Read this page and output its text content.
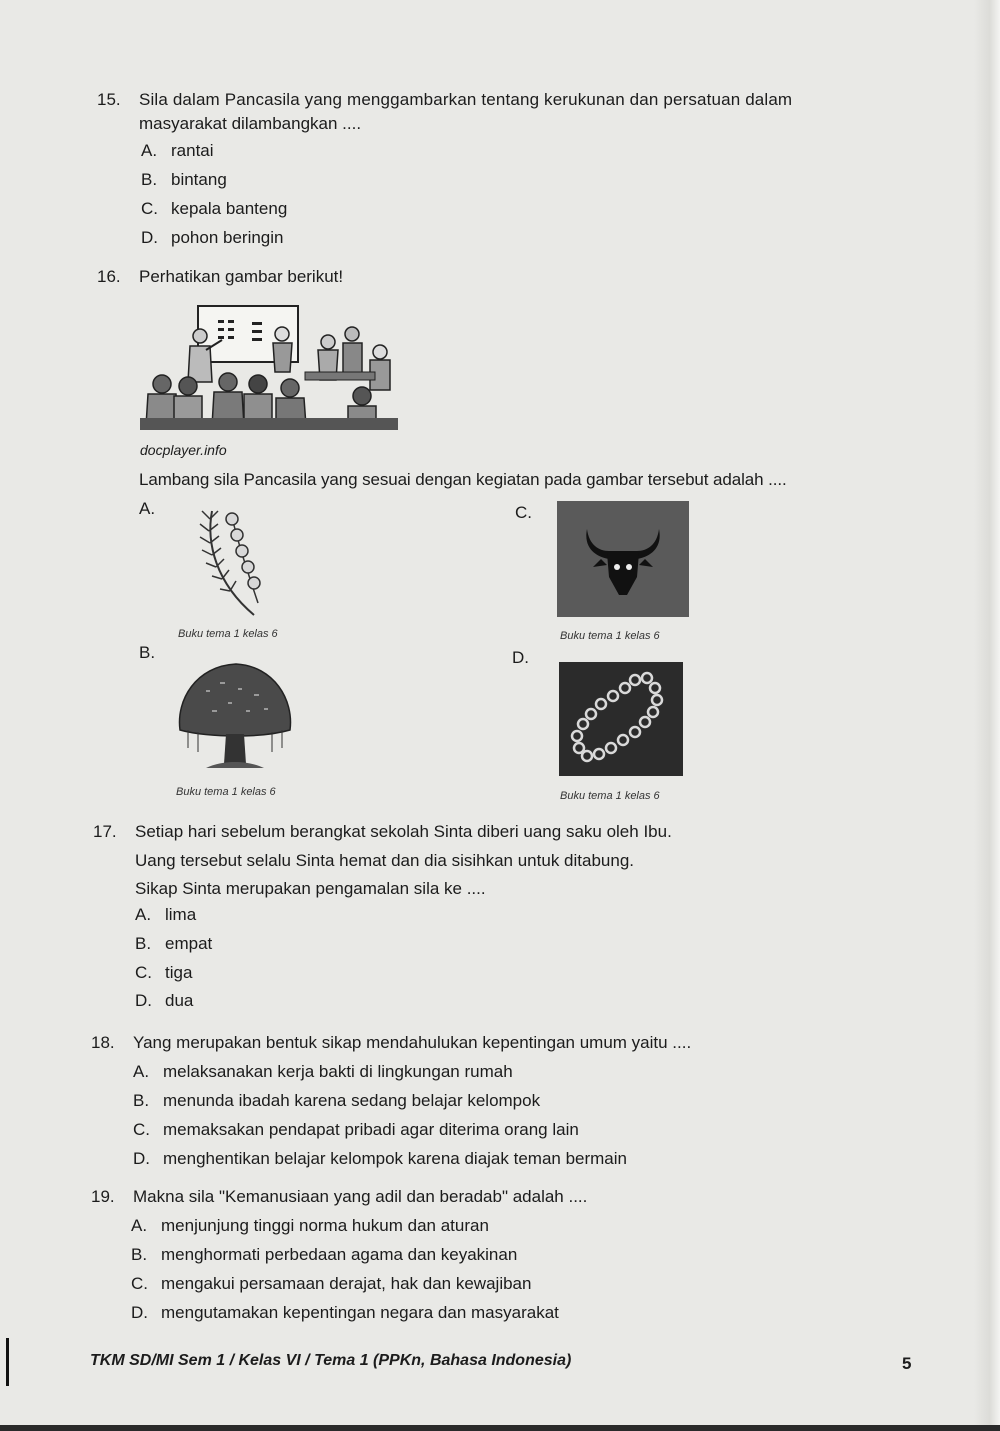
15. Sila dalam Pancasila yang menggambarkan tentang kerukunan dan persatuan dalam
masyarakat dilambangkan ....
A. rantai
B. bintang
C. kepala banteng
D. pohon beringin
16. Perhatikan gambar berikut!
docplayer.info
Lambang sila Pancasila yang sesuai dengan kegiatan pada gambar tersebut adalah ....
A.
Buku tema 1 kelas 6
C.
Buku tema 1 kelas 6
B.
Buku tema 1 kelas 6
D.
Buku tema 1 kelas 6
17. Setiap hari sebelum berangkat sekolah Sinta diberi uang saku oleh Ibu.
Uang tersebut selalu Sinta hemat dan dia sisihkan untuk ditabung.
Sikap Sinta merupakan pengamalan sila ke ....
A. lima
B. empat
C. tiga
D. dua
18. Yang merupakan bentuk sikap mendahulukan kepentingan umum yaitu ....
A. melaksanakan kerja bakti di lingkungan rumah
B. menunda ibadah karena sedang belajar kelompok
C. memaksakan pendapat pribadi agar diterima orang lain
D. menghentikan belajar kelompok karena diajak teman bermain
19. Makna sila "Kemanusiaan yang adil dan beradab" adalah ....
A. menjunjung tinggi norma hukum dan aturan
B. menghormati perbedaan agama dan keyakinan
C. mengakui persamaan derajat, hak dan kewajiban
D. mengutamakan kepentingan negara dan masyarakat
TKM SD/MI Sem 1 / Kelas VI / Tema 1 (PPKn, Bahasa Indonesia)	5
